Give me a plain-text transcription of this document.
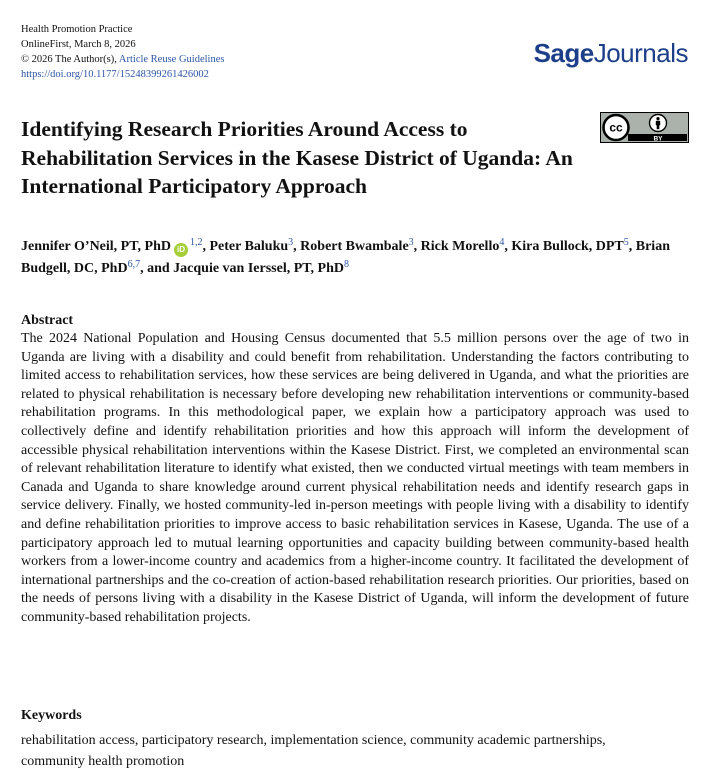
Health Promotion Practice
OnlineFirst, March 8, 2026
© 2026 The Author(s), Article Reuse Guidelines
https://doi.org/10.1177/15248399261426002
SageJournals
cc
BY
Identifying Research Priorities Around Access to Rehabilitation Services in the Kasese District of Uganda: An International Participatory Approach
Jennifer O’Neil, PT, PhD iD$^{1,2}$, Peter Baluku$^3$, Robert Bwambale$^3$, Rick Morello$^4$, Kira Bullock, DPT$^5$, Brian Budgell, DC, PhD$^{6,7}$, and Jacquie van Ierssel, PT, PhD$^8$
Abstract

The 2024 National Population and Housing Census documented that 5.5 million persons over the age of two in Uganda are living with a disability and could benefit from rehabilitation. Understanding the factors contributing to limited access to rehabilitation services, how these services are being delivered in Uganda, and what the priorities are related to physical rehabilitation is necessary before developing new rehabilitation interventions or community-based rehabilitation programs. In this methodological paper, we explain how a participatory approach was used to collectively define and identify rehabilitation priorities and how this approach will inform the development of accessible physical rehabilitation interventions within the Kasese District. First, we completed an environmental scan of relevant rehabilitation literature to identify what existed, then we conducted virtual meetings with team members in Canada and Uganda to share knowledge around current physical rehabilitation needs and identify research gaps in service delivery. Finally, we hosted community-led in-person meetings with people living with a disability to identify and define rehabilitation priorities to improve access to basic rehabilitation services in Kasese, Uganda. The use of a participatory approach led to mutual learning opportunities and capacity building between community-based health workers from a lower-income country and academics from a higher-income country. It facilitated the development of international partnerships and the co-creation of action-based rehabilitation research priorities. Our priorities, based on the needs of persons living with a disability in the Kasese District of Uganda, will inform the development of future community-based rehabilitation projects.

Keywords

rehabilitation access, participatory research, implementation science, community academic partnerships, community health promotion
